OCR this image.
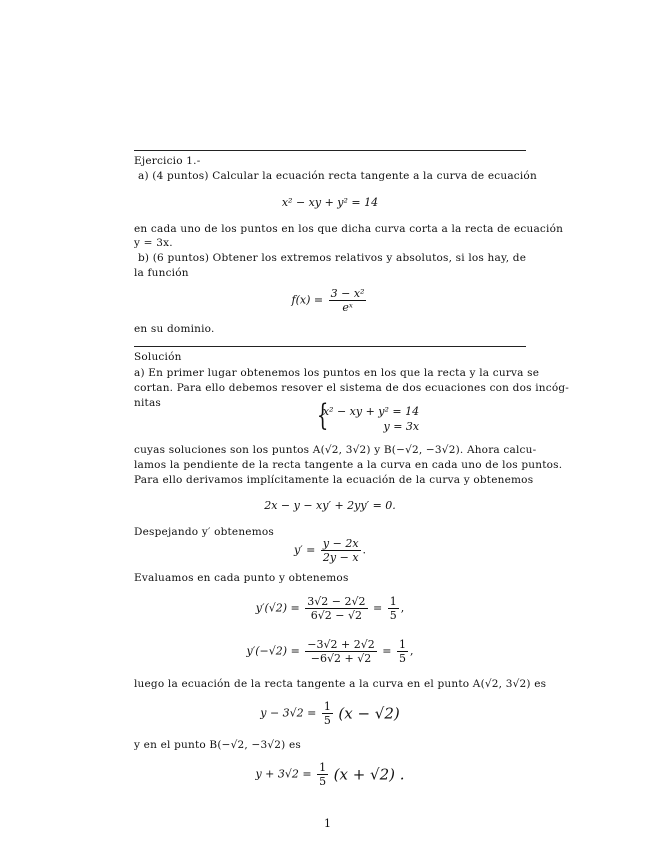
Ejercicio 1.-
a) (4 puntos) Calcular la ecuación recta tangente a la curva de ecuación
x² − xy + y² = 14
en cada uno de los puntos en los que dicha curva corta a la recta de ecuación
y = 3x.
b) (6 puntos) Obtener los extremos relativos y absolutos, si los hay, de
la función
$f(x) = \frac{\text{3 − x²}}{\text{eˣ}}$
en su dominio.
Solución
a) En primer lugar obtenemos los puntos en los que la recta y la curva se
cortan. Para ello debemos resover el sistema de dos ecuaciones con dos incóg-
nitas	{
x² − xy + y² = 14
y = 3x
cuyas soluciones son los puntos A(√2, 3√2) y B(−√2, −3√2). Ahora calcu-
lamos la pendiente de la recta tangente a la curva en cada uno de los puntos.
Para ello derivamos implícitamente la ecuación de la curva y obtenemos
2x − y − xy′ + 2yy′ = 0.
Despejando y′ obtenemos
$y' = \frac{y - 2x}{2y - x}$ .
Evaluamos en cada punto y obtenemos
$y'(√2) = \frac{3√2 - 2√2}{6√2 - √2} = \frac{1}{5}$ ,
$y'(-√2) = \frac{-3√2 + 2√2}{-6√2 + √2} = \frac{1}{5}$ ,
luego la ecuación de la recta tangente a la curva en el punto A(√2, 3√2) es
$y - 3√2 = \frac{1}{5} (x - √2)$
y en el punto B(−√2, −3√2) es
$y + 3√2 = \frac{1}{5} (x + √2)$ .
1
